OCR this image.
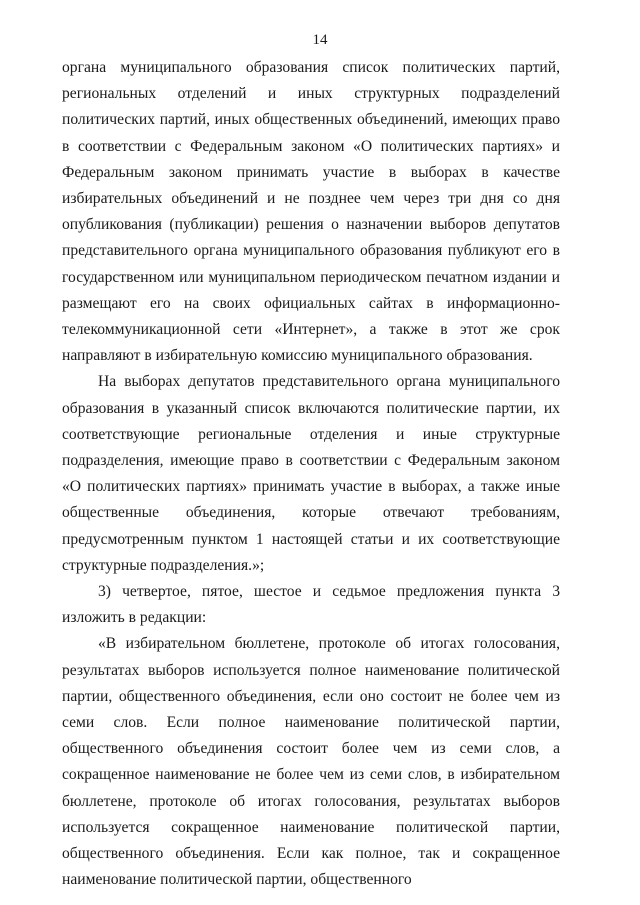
14

органа муниципального образования список политических партий, региональных отделений и иных структурных подразделений политических партий, иных общественных объединений, имеющих право в соответствии с Федеральным законом «О политических партиях» и Федеральным законом принимать участие в выборах в качестве избирательных объединений и не позднее чем через три дня со дня опубликования (публикации) решения о назначении выборов депутатов представительного органа муниципального образования публикуют его в государственном или муниципальном периодическом печатном издании и размещают его на своих официальных сайтах в информационно-телекоммуникационной сети «Интернет», а также в этот же срок направляют в избирательную комиссию муниципального образования.

На выборах депутатов представительного органа муниципального образования в указанный список включаются политические партии, их соответствующие региональные отделения и иные структурные подразделения, имеющие право в соответствии с Федеральным законом «О политических партиях» принимать участие в выборах, а также иные общественные объединения, которые отвечают требованиям, предусмотренным пунктом 1 настоящей статьи и их соответствующие структурные подразделения.»;

3) четвертое, пятое, шестое и седьмое предложения пункта 3 изложить в редакции:

«В избирательном бюллетене, протоколе об итогах голосования, результатах выборов используется полное наименование политической партии, общественного объединения, если оно состоит не более чем из семи слов. Если полное наименование политической партии, общественного объединения состоит более чем из семи слов, а сокращенное наименование не более чем из семи слов, в избирательном бюллетене, протоколе об итогах голосования, результатах выборов используется сокращенное наименование политической партии, общественного объединения. Если как полное, так и сокращенное наименование политической партии, общественного
